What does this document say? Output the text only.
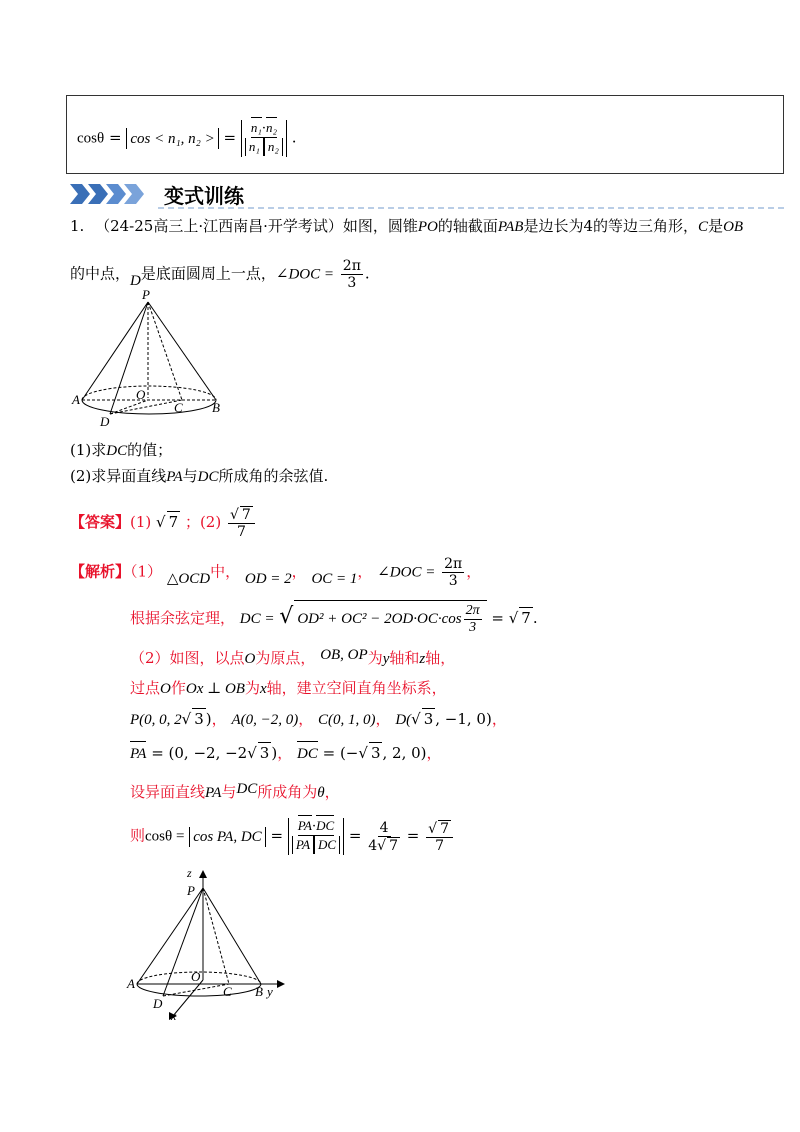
cosθ = cos < n₁, n₂ > = $\frac{\text{n₁·n₂}}{\text{n₁ n₂}}$ .
变式训练
1. （24-25高三上·江西南昌·开学考试）如图，圆锥PO的轴截面PAB是边长为4的等边三角形，C是OB
的中点，D是底面圆周上一点，∠DOC = $\frac{2\pi}{3}$ .
P
A	O
C B
D
(1)求DC的值；
(2)求异面直线PA与DC所成角的余弦值.
【答案】(1) √ 7 ；(2) √ $\frac{7}{7}$
【解析】（1） △OCD中， OD = 2， OC = 1， ∠DOC = $\frac{2\pi}{3}$ ，
根据余弦定理， DC = √ $OD^2 + OC^2 - 2OD\cdot OC\cdot\cos \frac{2\pi}{3}$ = √ 7 .
（2）如图，以点O为原点， OB, OP为y轴和z轴，
过点O作Ox ⊥ OB为x轴，建立空间直角坐标系，
P(0, 0, 2 √ 3 )， A(0, −2, 0)， C(0, 1, 0)， D( √ 3 , −1, 0)，
PA = (0, −2, −2 √ 3 )， DC = (− √ 3 , 2, 0)，
设异面直线PA与DC所成角为θ，
则cosθ = cos PA, DC =
PA·DC
PA DC = $\frac{4}{4 √ 7}$ = √ $\frac{7}{7}$
z
P
O
A
C B y
D
x
